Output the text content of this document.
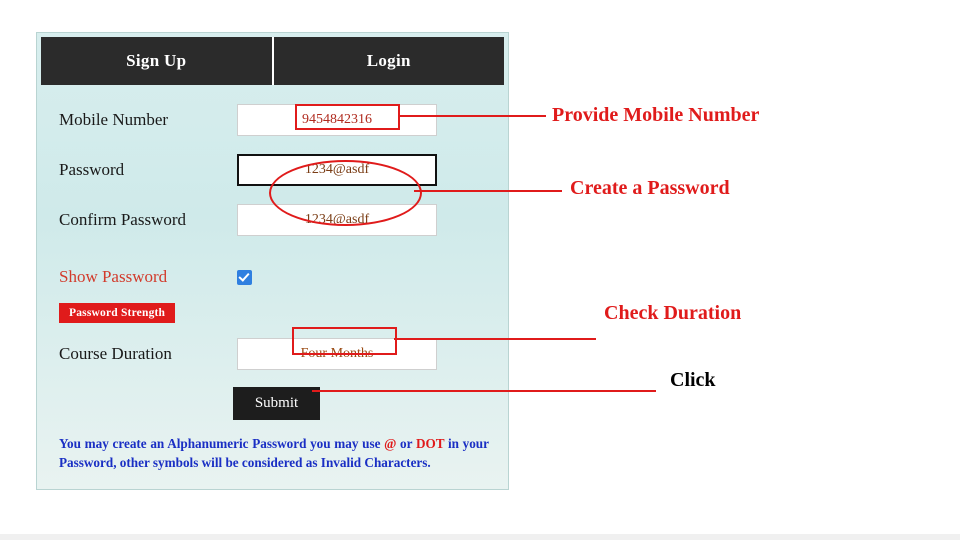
Sign Up	Login
Mobile Number	9454842316
Password	1234@asdf
Confirm Password	1234@asdf
Show Password
Password Strength
Course Duration	Four Months
Submit
You may create an Alphanumeric Password you may use @ or DOT in your Password, other symbols will be considered as Invalid Characters.
Provide Mobile Number
Create a Password
Check Duration
Click
